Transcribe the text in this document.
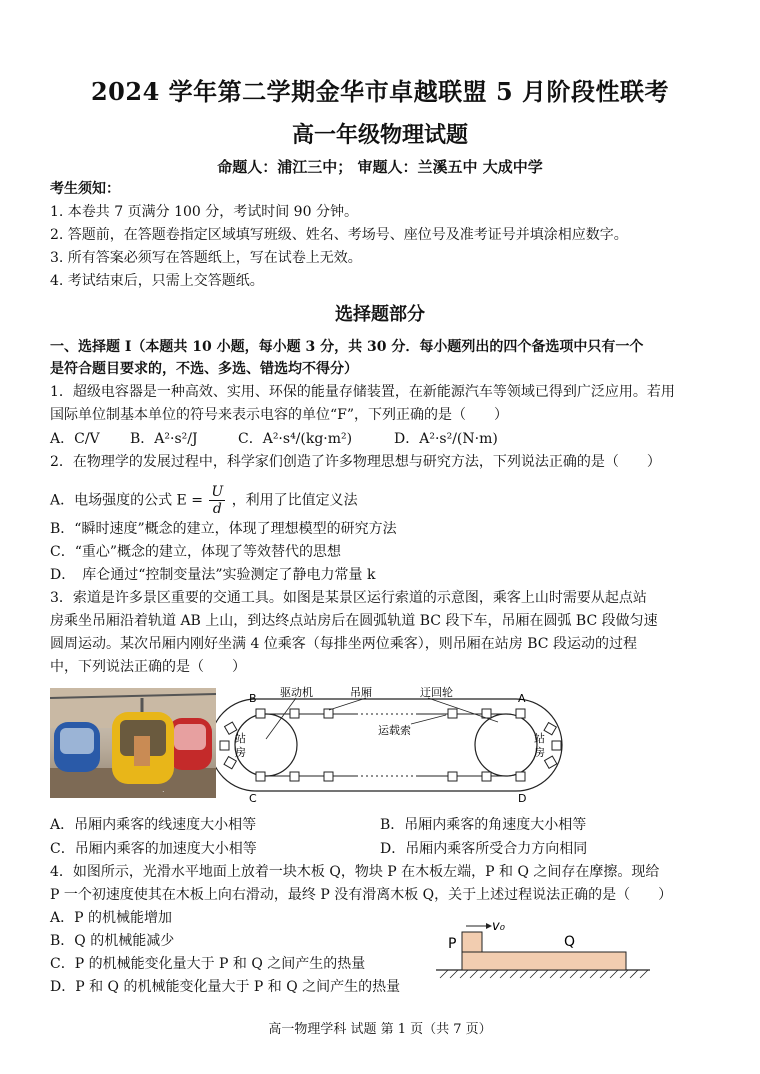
2024 学年第二学期金华市卓越联盟 5 月阶段性联考
高一年级物理试题
命题人：浦江三中； 审题人：兰溪五中 大成中学
考生须知：
1. 本卷共 7 页满分 100 分，考试时间 90 分钟。
2. 答题前，在答题卷指定区域填写班级、姓名、考场号、座位号及准考证号并填涂相应数字。
3. 所有答案必须写在答题纸上，写在试卷上无效。
4. 考试结束后，只需上交答题纸。
选择题部分
一、选择题 I（本题共 10 小题，每小题 3 分，共 30 分．每小题列出的四个备选项中只有一个
是符合题目要求的，不选、多选、错选均不得分）
1．超级电容器是一种高效、实用、环保的能量存储装置，在新能源汽车等领域已得到广泛应用。若用
国际单位制基本单位的符号来表示电容的单位“F”，下列正确的是（　　）
A．C/V B．A²·s²/J	C．A²·s⁴/(kg·m²)	D．A²·s²/(N·m)
2．在物理学的发展过程中，科学家们创造了许多物理思想与研究方法，下列说法正确的是（　　）
A．电场强度的公式 $E = \frac{U}{d}$ ，利用了比值定义法
B．“瞬时速度”概念的建立，体现了理想模型的研究方法
C．“重心”概念的建立，体现了等效替代的思想
D．　库仑通过“控制变量法”实验测定了静电力常量 k
3．索道是许多景区重要的交通工具。如图是某景区运行索道的示意图，乘客上山时需要从起点站
房乘坐吊厢沿着轨道 AB 上山，到达终点站房后在圆弧轨道 BC 段下车，吊厢在圆弧 BC 段做匀速
圆周运动。某次吊厢内刚好坐满 4 位乘客（每排坐两位乘客），则吊厢在站房 BC 段运动的过程
中，下列说法正确的是（　　）
.
B	A
C	D
驱动机	吊厢	迂回轮
运载索
站
房
站
房
A．吊厢内乘客的线速度大小相等	B．吊厢内乘客的角速度大小相等
C．吊厢内乘客的加速度大小相等	D．吊厢内乘客所受合力方向相同
4．如图所示，光滑水平地面上放着一块木板 Q，物块 P 在木板左端，P 和 Q 之间存在摩擦。现给
P 一个初速度使其在木板上向右滑动，最终 P 没有滑离木板 Q，关于上述过程说法正确的是（　　）
A．P 的机械能增加
B．Q 的机械能减少
C．P 的机械能变化量大于 P 和 Q 之间产生的热量
D．P 和 Q 的机械能变化量大于 P 和 Q 之间产生的热量
P	Q
v₀
高一物理学科 试题 第 1 页（共 7 页）
